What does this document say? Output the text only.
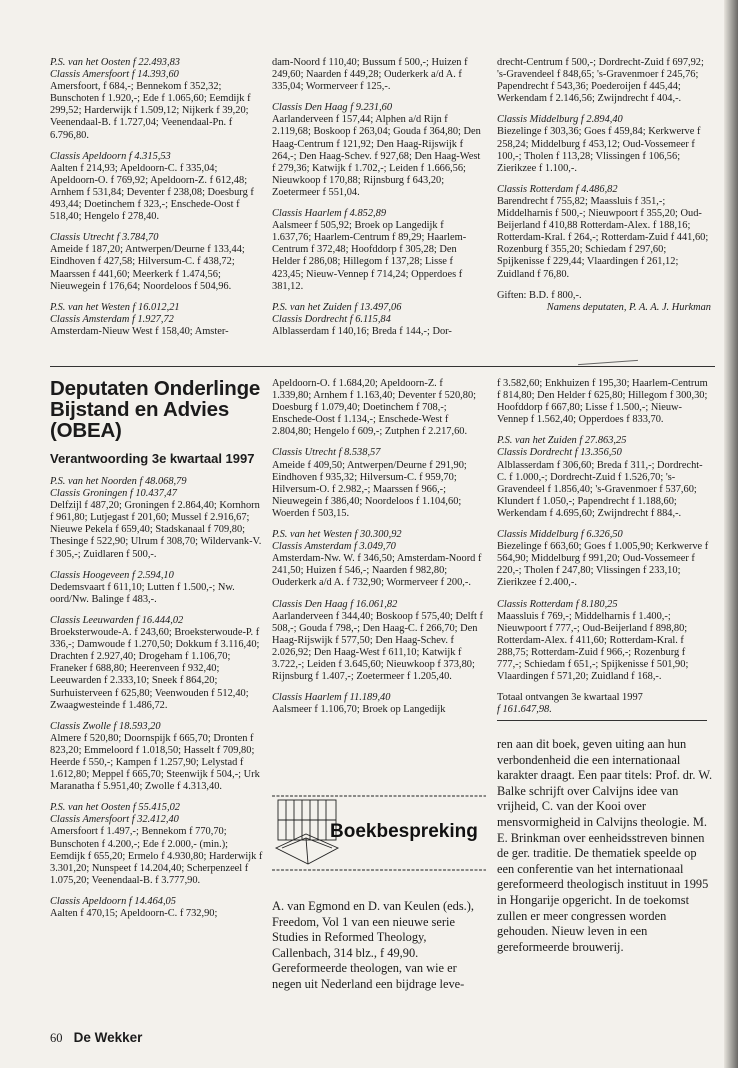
P.S. van het Oosten f 22.493,83

Classis Amersfoort f 14.393,60

Amersfoort, f 684,-; Bennekom f 352,32; Bunschoten f 1.920,-; Ede f 1.065,60; Eemdijk f 299,52; Harderwijk f 1.509,12; Nijkerk f 39,20; Veenendaal-B. f 1.727,04; Veenendaal-Pn. f 6.796,80.

Classis Apeldoorn f 4.315,53

Aalten f 214,93; Apeldoorn-C. f 335,04; Apeldoorn-O. f 769,92; Apeldoorn-Z. f 612,48; Arnhem f 531,84; Deventer f 238,08; Doesburg f 493,44; Doetinchem f 323,-; Enschede-Oost f 518,40; Hengelo f 278,40.

Classis Utrecht f 3.784,70

Ameide f 187,20; Antwerpen/Deurne f 133,44; Eindhoven f 427,58; Hilversum-C. f 438,72; Maarssen f 441,60; Meerkerk f 1.474,56; Nieuwegein f 176,64; Noordeloos f 504,96.

P.S. van het Westen f 16.012,21

Classis Amsterdam f 1.927,72

Amsterdam-Nieuw West f 158,40; Amster-

dam-Noord f 110,40; Bussum f 500,-; Huizen f 249,60; Naarden f 449,28; Ouderkerk a/d A. f 335,04; Wormerveer f 125,-.

Classis Den Haag f 9.231,60

Aarlanderveen f 157,44; Alphen a/d Rijn f 2.119,68; Boskoop f 263,04; Gouda f 364,80; Den Haag-Centrum f 121,92; Den Haag-Rijswijk f 264,-; Den Haag-Schev. f 927,68; Den Haag-West f 279,36; Katwijk f 1.702,-; Leiden f 1.666,56; Nieuwkoop f 170,88; Rijnsburg f 643,20; Zoetermeer f 551,04.

Classis Haarlem f 4.852,89

Aalsmeer f 505,92; Broek op Langedijk f 1.637,76; Haarlem-Centrum f 89,29; Haarlem-Centrum f 372,48; Hoofddorp f 305,28; Den Helder f 286,08; Hillegom f 137,28; Lisse f 423,45; Nieuw-Vennep f 714,24; Opperdoes f 381,12.

P.S. van het Zuiden f 13.497,06

Classis Dordrecht f 6.115,84

Alblasserdam f 140,16; Breda f 144,-; Dor-

drecht-Centrum f 500,-; Dordrecht-Zuid f 697,92; 's-Gravendeel f 848,65; 's-Gravenmoer f 245,76; Papendrecht f 543,36; Poederoijen f 445,44; Werkendam f 2.146,56; Zwijndrecht f 404,-.

Classis Middelburg f 2.894,40

Biezelinge f 303,36; Goes f 459,84; Kerkwerve f 258,24; Middelburg f 453,12; Oud-Vossemeer f 100,-; Tholen f 113,28; Vlissingen f 106,56; Zierikzee f 1.100,-.

Classis Rotterdam f 4.486,82

Barendrecht f 755,82; Maassluis f 351,-; Middelharnis f 500,-; Nieuwpoort f 355,20; Oud-Beijerland f 410,88 Rotterdam-Alex. f 188,16; Rotterdam-Kral. f 264,-; Rotterdam-Zuid f 441,60; Rozenburg f 355,20; Schiedam f 297,60; Spijkenisse f 229,44; Vlaardingen f 261,12; Zuidland f 76,80.

Giften: B.D. f 800,-.

Namens deputaten, P. A. A. J. Hurkman

Deputaten Onderlinge Bijstand en Advies (OBEA)
Verantwoording 3e kwartaal 1997

P.S. van het Noorden f 48.068,79

Classis Groningen f 10.437,47

Delfzijl f 487,20; Groningen f 2.864,40; Kornhorn f 961,80; Lutjegast f 201,60; Mussel f 2.916,67; Nieuwe Pekela f 659,40; Stadskanaal f 709,80; Thesinge f 522,90; Ulrum f 308,70; Wildervank-V. f 305,-; Zuidlaren f 500,-.

Classis Hoogeveen f 2.594,10

Dedemsvaart f 611,10; Lutten f 1.500,-; Nw. oord/Nw. Balinge f 483,-.

Classis Leeuwarden f 16.444,02

Broeksterwoude-A. f 243,60; Broeksterwoude-P. f 336,-; Damwoude f 1.270,50; Dokkum f 3.116,40; Drachten f 2.927,40; Drogeham f 1.106,70; Franeker f 688,80; Heerenveen f 932,40; Leeuwarden f 2.333,10; Sneek f 864,20; Surhuisterveen f 625,80; Veenwouden f 512,40; Zwaagwesteinde f 1.486,72.

Classis Zwolle f 18.593,20

Almere f 520,80; Doornspijk f 665,70; Dronten f 823,20; Emmeloord f 1.018,50; Hasselt f 709,80; Heerde f 550,-; Kampen f 1.257,90; Lelystad f 1.612,80; Meppel f 665,70; Steenwijk f 504,-; Urk Maranatha f 5.951,40; Zwolle f 4.313,40.

P.S. van het Oosten f 55.415,02

Classis Amersfoort f 32.412,40

Amersfoort f 1.497,-; Bennekom f 770,70; Bunschoten f 4.200,-; Ede f 2.000,- (min.); Eemdijk f 655,20; Ermelo f 4.930,80; Harderwijk f 3.301,20; Nunspeet f 14.204,40; Scherpenzeel f 1.075,20; Veenendaal-B. f 3.777,90.

Classis Apeldoorn f 14.464,05

Aalten f 470,15; Apeldoorn-C. f 732,90;

Apeldoorn-O. f 1.684,20; Apeldoorn-Z. f 1.339,80; Arnhem f 1.163,40; Deventer f 520,80; Doesburg f 1.079,40; Doetinchem f 708,-; Enschede-Oost f 1.134,-; Enschede-West f 2.804,80; Hengelo f 609,-; Zutphen f 2.217,60.

Classis Utrecht f 8.538,57

Ameide f 409,50; Antwerpen/Deurne f 291,90; Eindhoven f 935,32; Hilversum-C. f 959,70; Hilversum-O. f 2.982,-; Maarssen f 966,-; Nieuwegein f 386,40; Noordeloos f 1.104,60; Woerden f 503,15.

P.S. van het Westen f 30.300,92

Classis Amsterdam f 3.049,70

Amsterdam-Nw. W. f 346,50; Amsterdam-Noord f 241,50; Huizen f 546,-; Naarden f 982,80; Ouderkerk a/d A. f 732,90; Wormerveer f 200,-.

Classis Den Haag f 16.061,82

Aarlanderveen f 344,40; Boskoop f 575,40; Delft f 508,-; Gouda f 798,-; Den Haag-C. f 266,70; Den Haag-Rijswijk f 577,50; Den Haag-Schev. f 2.026,92; Den Haag-West f 611,10; Katwijk f 3.722,-; Leiden f 3.645,60; Nieuwkoop f 373,80; Rijnsburg f 1.407,-; Zoetermeer f 1.205,40.

Classis Haarlem f 11.189,40

Aalsmeer f 1.106,70; Broek op Langedijk

f 3.582,60; Enkhuizen f 195,30; Haarlem-Centrum f 814,80; Den Helder f 625,80; Hillegom f 300,30; Hoofddorp f 667,80; Lisse f 1.500,-; Nieuw-Vennep f 1.562,40; Opperdoes f 833,70.

P.S. van het Zuiden f 27.863,25

Classis Dordrecht f 13.356,50

Alblasserdam f 306,60; Breda f 311,-; Dordrecht-C. f 1.000,-; Dordrecht-Zuid f 1.526,70; 's-Gravendeel f 1.856,40; 's-Gravenmoer f 537,60; Klundert f 1.050,-; Papendrecht f 1.188,60; Werkendam f 4.695,60; Zwijndrecht f 884,-.

Classis Middelburg f 6.326,50

Biezelinge f 663,60; Goes f 1.005,90; Kerkwerve f 564,90; Middelburg f 991,20; Oud-Vossemeer f 220,-; Tholen f 247,80; Vlissingen f 233,10; Zierikzee f 2.400,-.

Classis Rotterdam f 8.180,25

Maassluis f 769,-; Middelharnis f 1.400,-; Nieuwpoort f 777,-; Oud-Beijerland f 898,80; Rotterdam-Alex. f 411,60; Rotterdam-Kral. f 288,75; Rotterdam-Zuid f 966,-; Rozenburg f 777,-; Schiedam f 651,-; Spijkenisse f 501,90; Vlaardingen f 571,20; Zuidland f 168,-.

Totaal ontvangen 3e kwartaal 1997

f 161.647,98.

Boekbespreking
A. van Egmond en D. van Keulen (eds.), Freedom, Vol 1 van een nieuwe serie Studies in Reformed Theology, Callenbach, 314 blz., f 49,90. Gereformeerde theologen, van wie er negen uit Nederland een bijdrage leve-
ren aan dit boek, geven uiting aan hun verbondenheid die een internationaal karakter draagt. Een paar titels: Prof. dr. W. Balke schrijft over Calvijns idee van vrijheid, C. van der Kooi over mensvormigheid in Calvijns theologie. M. E. Brinkman over eenheidsstreven binnen de ger. traditie. De thematiek speelde op een conferentie van het internationaal gereformeerd theologisch instituut in 1995 in Hongarije opgericht. In de toekomst zullen er meer congressen worden gehouden. Nieuw leven in een gereformeerde brouwerij.
60 De Wekker
